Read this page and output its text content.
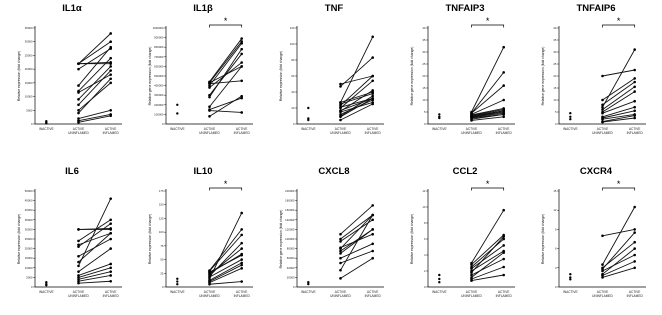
IL1α
0
5000
10000
15000
20000
25000
30000
35000
Relative expression (fold change)
INACTIVE	ACTIVE UNINFLAMED
ACTIVE INFLAMED
IL1β
0
100000
200000
300000
400000
500000
600000
700000
800000
900000
1000000
Relative gene expression (fold change)
INACTIVE	ACTIVE UNINFLAMED
ACTIVE INFLAMED
*
TNF
0
20
40
60
80
100
120
Relative expression (fold change)
INACTIVE	ACTIVE UNINFLAMED
ACTIVE INFLAMED
TNFAIP3
0
5
10
15
20
25
30
35
40
Relative gene expression (fold change)
INACTIVE	ACTIVE UNINFLAMED
ACTIVE INFLAMED
*
TNFAIP6
0
5
10
15
20
25
30
35
40
Relative gene expression (fold change)
INACTIVE	ACTIVE UNINFLAMED
ACTIVE INFLAMED
*
IL6
0
5000
10000
15000
20000
25000
30000
35000
40000
45000
50000
Relative expression (fold change)
INACTIVE	ACTIVE UNINFLAMED
ACTIVE INFLAMED
IL10
0
25
50
75
100
125
150
175
Relative expression (fold change)
INACTIVE	ACTIVE UNINFLAMED
ACTIVE INFLAMED
*
CXCL8
0
20000
40000
60000
80000
100000
120000
140000
160000
180000
200000
Relative gene expression (fold change)
INACTIVE	ACTIVE UNINFLAMED
ACTIVE INFLAMED
CCL2
0
2
4
6
8
10
12
Relative expression (fold change)
INACTIVE	ACTIVE UNINFLAMED
ACTIVE INFLAMED
*
CXCR4
0
3
6
9
12
15
Relative expression (fold change)
INACTIVE	ACTIVE UNINFLAMED
ACTIVE INFLAMED
*
